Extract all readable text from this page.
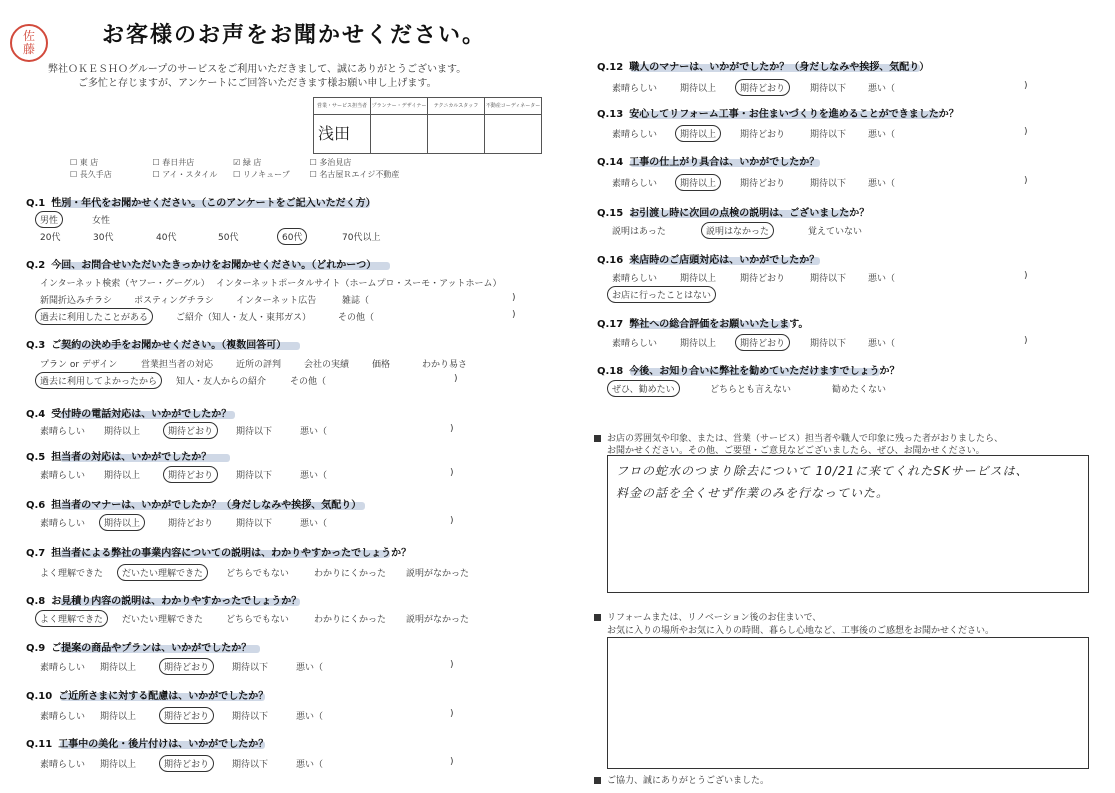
佐藤
お客様のお声をお聞かせください。
弊社ＯＫＥＳＨＯグループのサービスをご利用いただきまして、誠にありがとうございます。
ご多忙と存じますが、アンケートにご回答いただきます様お願い申し上げます。
営業・サービス担当者	プランナー・デザイナー	テクニカルスタッフ	不動産コーディネーター
浅田			
☐ 東 店	☐ 春日井店	☑ 緑 店	☐ 多治見店
☐ 長久手店	☐ アイ・スタイル ☐ リノキューブ ☐ 名古屋Ｒエイジ不動産
Q.1 性別・年代をお聞かせください。（このアンケートをご記入いただく方）
男性	女性
20代	30代	40代	50代	60代	70代以上
Q.2 今回、お問合せいただいたきっかけをお聞かせください。（どれかーつ）
インターネット検索（ヤフー・グーグル） インターネットポータルサイト（ホームプロ・スーモ・アットホーム）
新聞折込みチラシ ポスティングチラシ インターネット広告	雑誌（	)
過去に利用したことがある	ご紹介（知人・友人・東邦ガス）	その他（	)
Q.3 ご契約の決め手をお聞かせください。（複数回答可）
プラン or デザイン	営業担当者の対応	近所の評判	会社の実績	価格	わかり易さ
過去に利用してよかったから	知人・友人からの紹介	その他（	)
Q.4 受付時の電話対応は、いかがでしたか？
素晴らしい 期待以上	期待どおり	期待以下	悪い（	)
Q.5 担当者の対応は、いかがでしたか？
素晴らしい 期待以上	期待どおり	期待以下	悪い（	)
Q.6 担当者のマナーは、いかがでしたか？（身だしなみや挨拶、気配り）
素晴らしい	期待以上	期待どおり	期待以下	悪い（	)
Q.7 担当者による弊社の事業内容についての説明は、わかりやすかったでしょうか？
よく理解できた	だいたい理解できた	どちらでもない	わかりにくかった 説明がなかった
Q.8 お見積り内容の説明は、わかりやすかったでしょうか？
よく理解できた	だいたい理解できた	どちらでもない	わかりにくかった 説明がなかった
Q.9 ご提案の商品やプランは、いかがでしたか？
素晴らしい 期待以上	期待どおり	期待以下	悪い（	)
Q.10 ご近所さまに対する配慮は、いかがでしたか？
素晴らしい 期待以上	期待どおり	期待以下	悪い（	)
Q.11 工事中の美化・後片付けは、いかがでしたか？
素晴らしい 期待以上	期待どおり	期待以下	悪い（	)
Q.12 職人のマナーは、いかがでしたか？（身だしなみや挨拶、気配り）
素晴らしい	期待以上	期待どおり	期待以下 悪い（	)
Q.13 安心してリフォーム工事・お住まいづくりを進めることができましたか？
素晴らしい	期待以上	期待どおり	期待以下 悪い（	)
Q.14 工事の仕上がり具合は、いかがでしたか？
素晴らしい	期待以上	期待どおり	期待以下 悪い（	)
Q.15 お引渡し時に次回の点検の説明は、ございましたか？
説明はあった	説明はなかった	覚えていない
Q.16 来店時のご店頭対応は、いかがでしたか？
素晴らしい	期待以上	期待どおり	期待以下 悪い（	)
お店に行ったことはない
Q.17 弊社への総合評価をお願いいたします。
素晴らしい	期待以上	期待どおり	期待以下 悪い（	)
Q.18 今後、お知り合いに弊社を勧めていただけますでしょうか？
ぜひ、勧めたい	どちらとも言えない	勧めたくない
お店の雰囲気や印象、または、営業（サービス）担当者や職人で印象に残った者がおりましたら、
お聞かせください。その他、ご要望・ご意見などございましたら、ぜひ、お聞かせください。
フロの蛇水のつまり除去について 10/21に来てくれたSKサービスは、
料金の話を全くせず作業のみを行なっていた。
リフォームまたは、リノベーション後のお住まいで、
お気に入りの場所やお気に入りの時間、暮らし心地など、工事後のご感想をお聞かせください。
ご協力、誠にありがとうございました。
